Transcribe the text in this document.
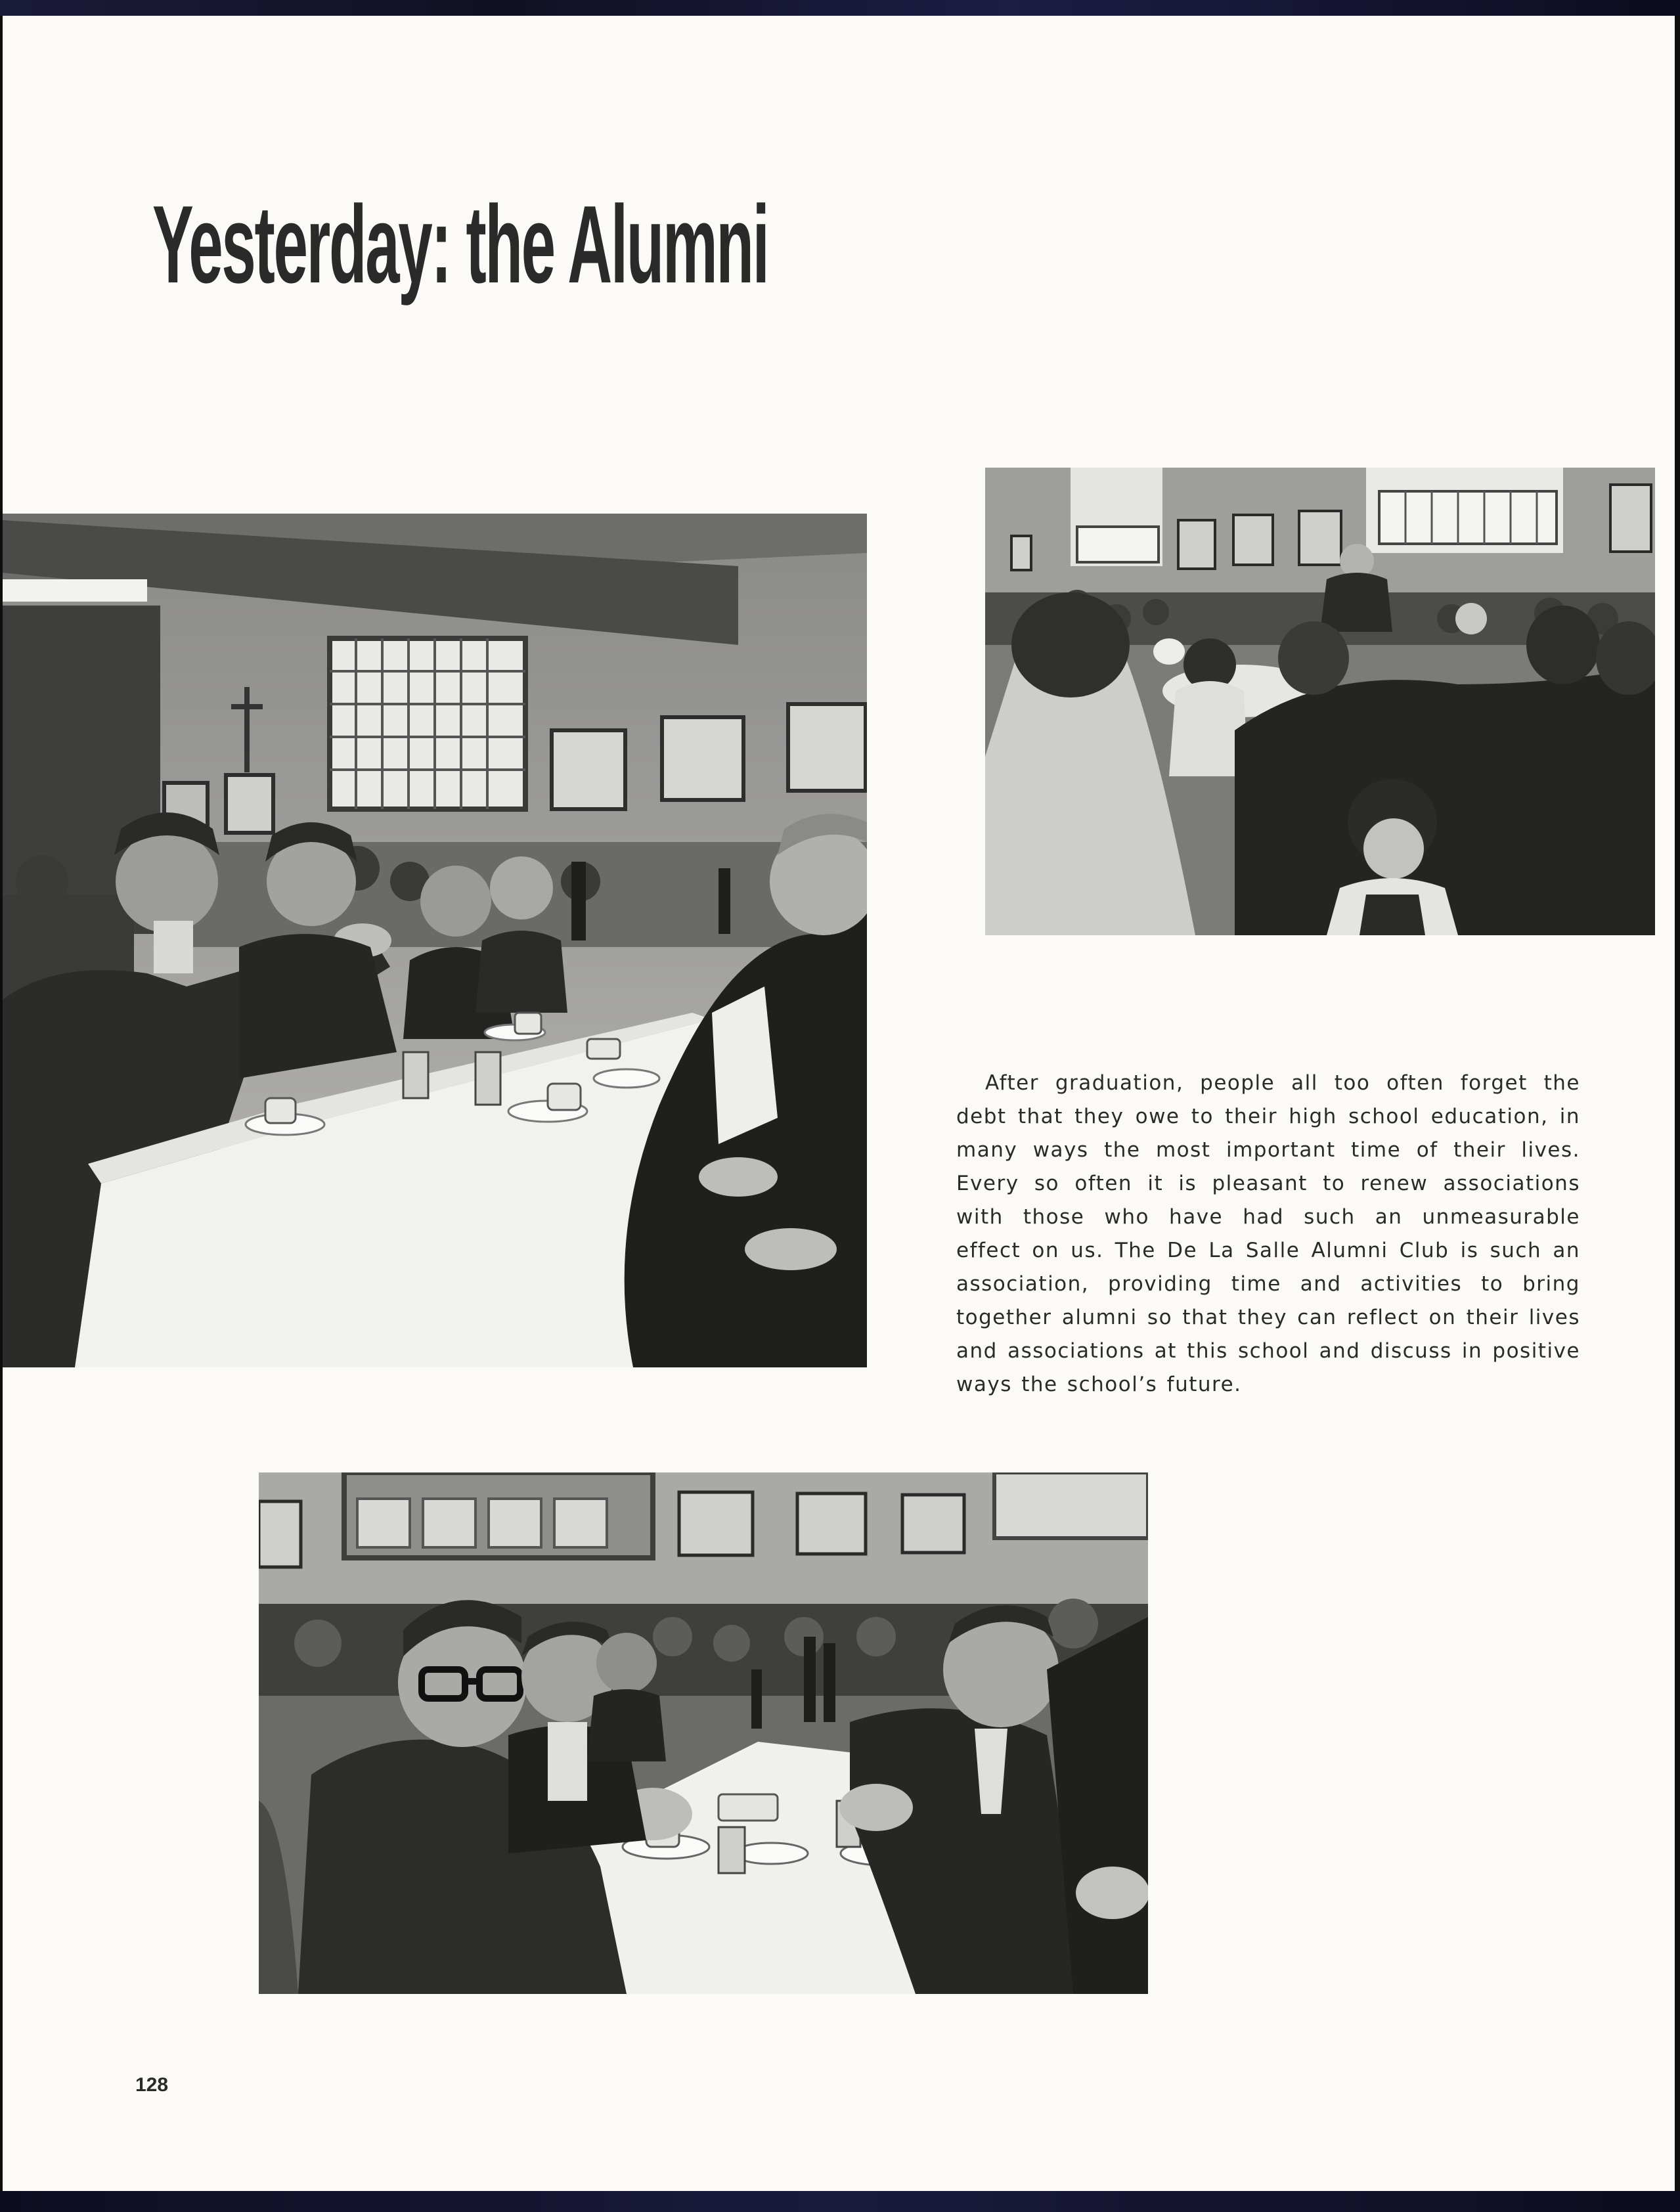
Yesterday: the Alumni

After graduation, people all too often forget the debt that they owe to their high school education, in many ways the most important time of their lives. Every so often it is pleasant to renew associations with those who have had such an unmeasurable effect on us. The De La Salle Alumni Club is such an association, providing time and activities to bring together alumni so that they can reflect on their lives and associations at this school and discuss in positive ways the school’s future.

128
